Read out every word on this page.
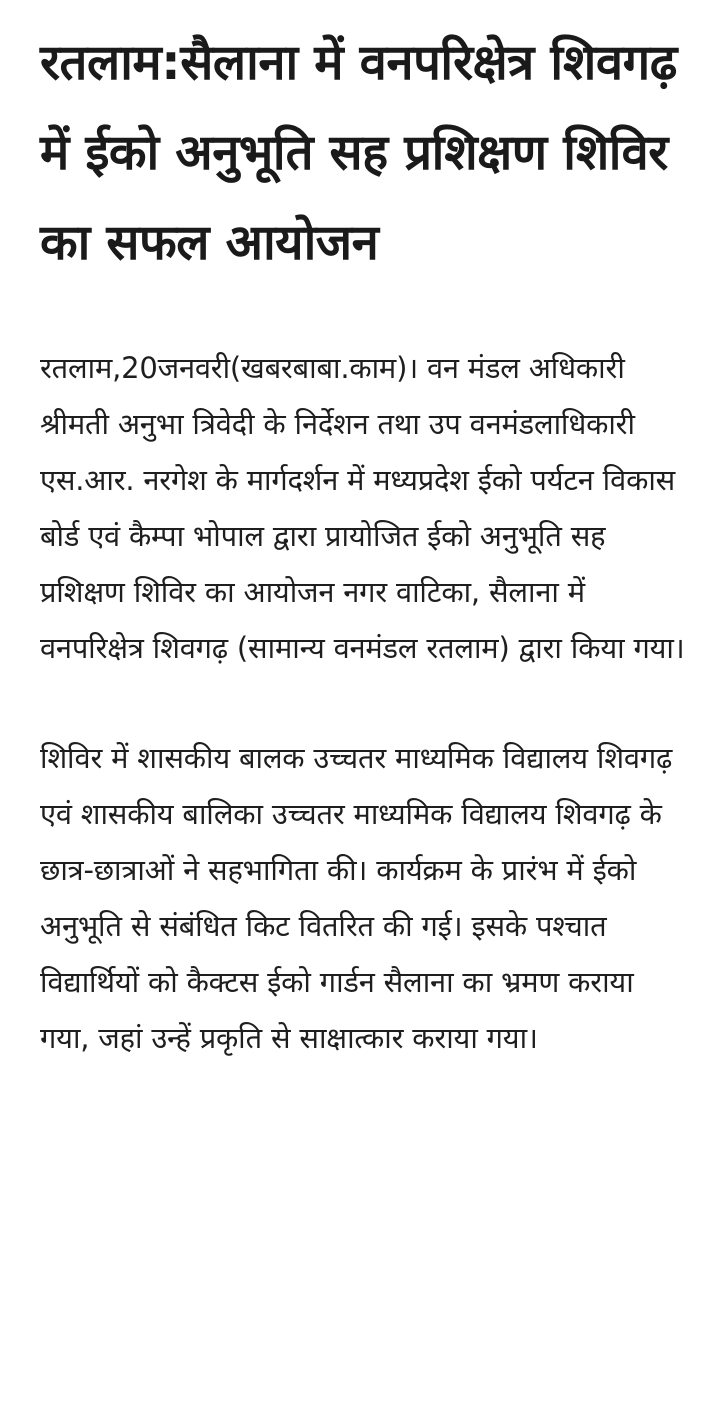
रतलाम:सैलाना में वनपरिक्षेत्र शिवगढ़ में ईको अनुभूति सह प्रशिक्षण शिविर का सफल आयोजन

रतलाम,20जनवरी(खबरबाबा.काम)। वन मंडल अधिकारी श्रीमती अनुभा त्रिवेदी के निर्देशन तथा उप वनमंडलाधिकारी एस.आर. नरगेश के मार्गदर्शन में मध्यप्रदेश ईको पर्यटन विकास बोर्ड एवं कैम्पा भोपाल द्वारा प्रायोजित ईको अनुभूति सह प्रशिक्षण शिविर का आयोजन नगर वाटिका, सैलाना में वनपरिक्षेत्र शिवगढ़ (सामान्य वनमंडल रतलाम) द्वारा किया गया।

शिविर में शासकीय बालक उच्चतर माध्यमिक विद्यालय शिवगढ़ एवं शासकीय बालिका उच्चतर माध्यमिक विद्यालय शिवगढ़ के छात्र-छात्राओं ने सहभागिता की। कार्यक्रम के प्रारंभ में ईको अनुभूति से संबंधित किट वितरित की गई। इसके पश्चात विद्यार्थियों को कैक्टस ईको गार्डन सैलाना का भ्रमण कराया गया, जहां उन्हें प्रकृति से साक्षात्कार कराया गया।
